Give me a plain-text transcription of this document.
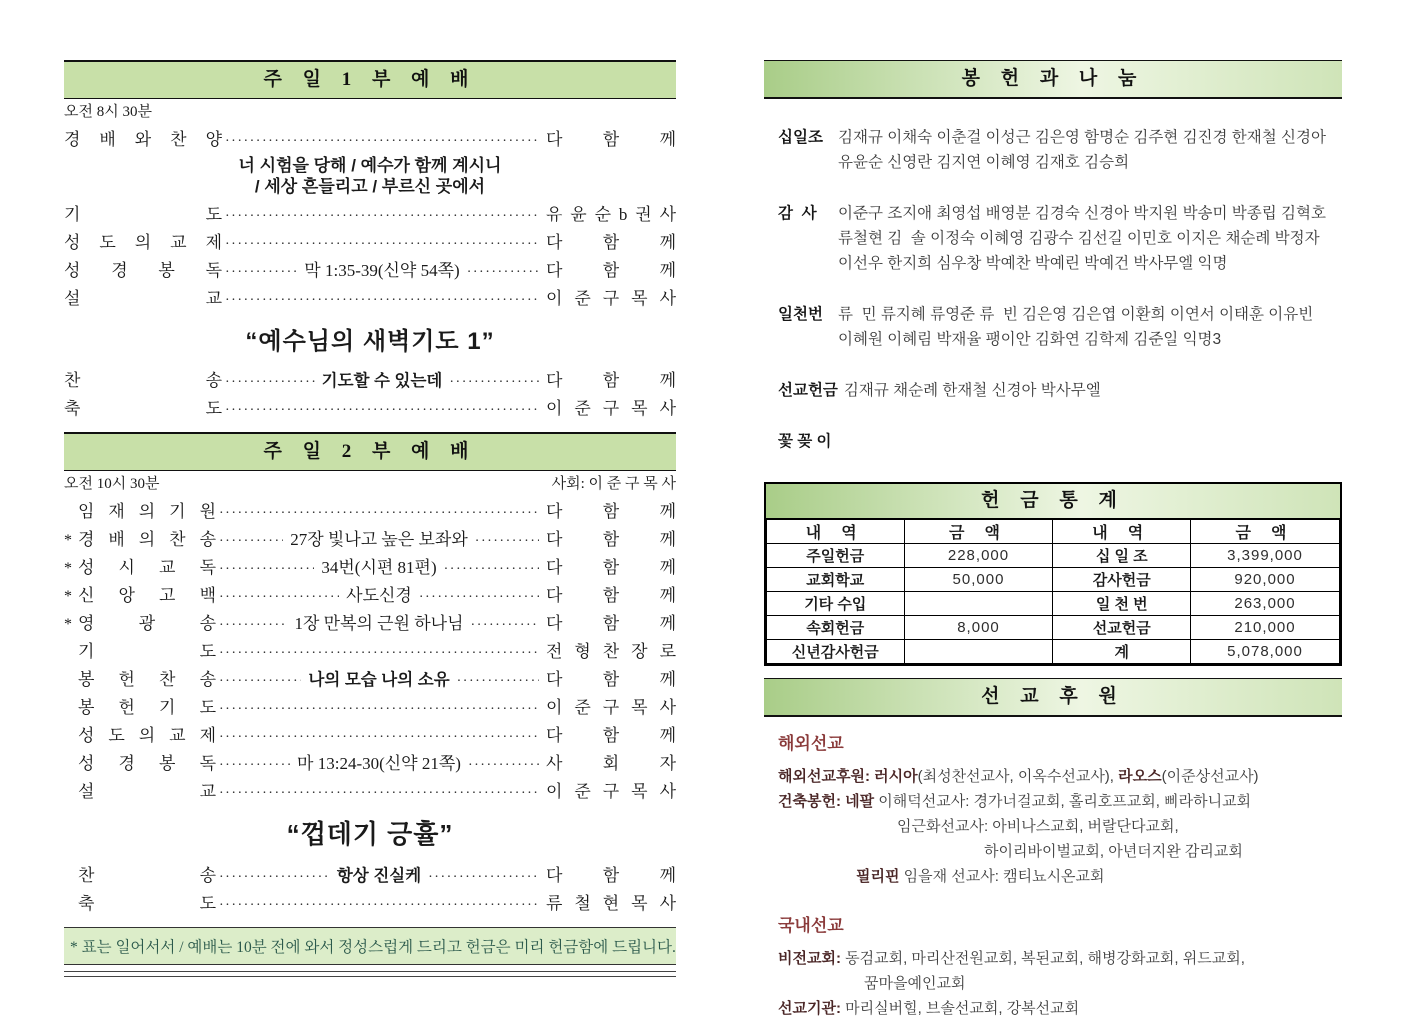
주 일 1 부 예 배
오전 8시 30분
경 배 와 찬 양 ·····	다 함 께
너 시험을 당해 / 예수가 함께 계시니
/ 세상 흔들리고 / 부르신 곳에서
기 도 ·····	유 윤 순 b 권 사
성 도 의 교 제 ·····	다 함 께
성 경 봉 독 ·····	막 1:35-39(신약 54쪽) ·····	다 함 께
설 교 ·····	이 준 구 목 사
“예수님의 새벽기도 1”
찬 송 ·····	기도할 수 있는데 ·····	다 함 께
축 도 ·····	이 준 구 목 사
주 일 2 부 예 배
오전 10시 30분	사회: 이 준 구 목 사
임 재 의 기 원 ·····	다 함 께
* 경 배 의 찬 송 ·····	27장 빛나고 높은 보좌와 ·····	다 함 께
* 성 시 교 독 ·····	34번(시편 81편) ·····	다 함 께
* 신 앙 고 백 ·····	사도신경 ·····	다 함 께
* 영 광 송 ·····	1장 만복의 근원 하나님 ·····	다 함 께
기 도 ·····	전 형 찬 장 로
봉 헌 찬 송 ·····	나의 모습 나의 소유 ·····	다 함 께
봉 헌 기 도 ·····	이 준 구 목 사
성 도 의 교 제 ·····	다 함 께
성 경 봉 독 ·····	마 13:24-30(신약 21쪽) ·····	사 회 자
설 교 ·····	이 준 구 목 사
“껍데기 긍휼”
찬 송 ·····	항상 진실케 ·····	다 함 께
축 도 ·····	류 철 현 목 사
* 표는 일어서서 / 예배는 10분 전에 와서 정성스럽게 드리고 헌금은 미리 헌금함에 드립니다.
봉 헌 과 나 눔
십일조 김재규 이채숙 이춘걸 이성근 김은영 함명순 김주현 김진경 한재철 신경아
유윤순 신영란 김지연 이혜영 김재호 김승희
감  사	이준구 조지애 최영섭 배영분 김경숙 신경아 박지원 박송미 박종립 김혁호
류철현 김  솔 이정숙 이혜영 김광수 김선길 이민호 이지은 채순례 박정자
이선우 한지희 심우창 박예찬 박예린 박예건 박사무엘 익명
일천번 류  민 류지혜 류영준 류  빈 김은영 김은엽 이환희 이연서 이태훈 이유빈
이혜원 이혜림 박재율 팽이안 김화연 김학제 김준일 익명3
선교헌금 김재규 채순례 한재철 신경아 박사무엘
꽃 꽂 이
헌 금 통 계
내 역	금 액	내 역	금 액
주일헌금	228,000	십 일 조	3,399,000
교회학교	50,000	감사헌금	920,000
기타 수입		일 천 번	263,000
속회헌금	8,000	선교헌금	210,000
신년감사헌금		계	5,078,000
선 교 후 원
해외선교
해외선교후원: 러시아(최성찬선교사, 이옥수선교사), 라오스(이준상선교사)
건축봉헌: 네팔 이해덕선교사: 경가너걸교회, 홀리호프교회, 삐라하니교회
임근화선교사: 아비나스교회, 버랄단다교회,
하이리바이벌교회, 아년더지완 감리교회
필리핀 임을재 선교사: 캠티뇨시온교회
국내선교
비전교회: 동검교회, 마리산전원교회, 복된교회, 해병강화교회, 위드교회,
꿈마을예인교회
선교기관: 마리실버힐, 브솔선교회, 강복선교회
